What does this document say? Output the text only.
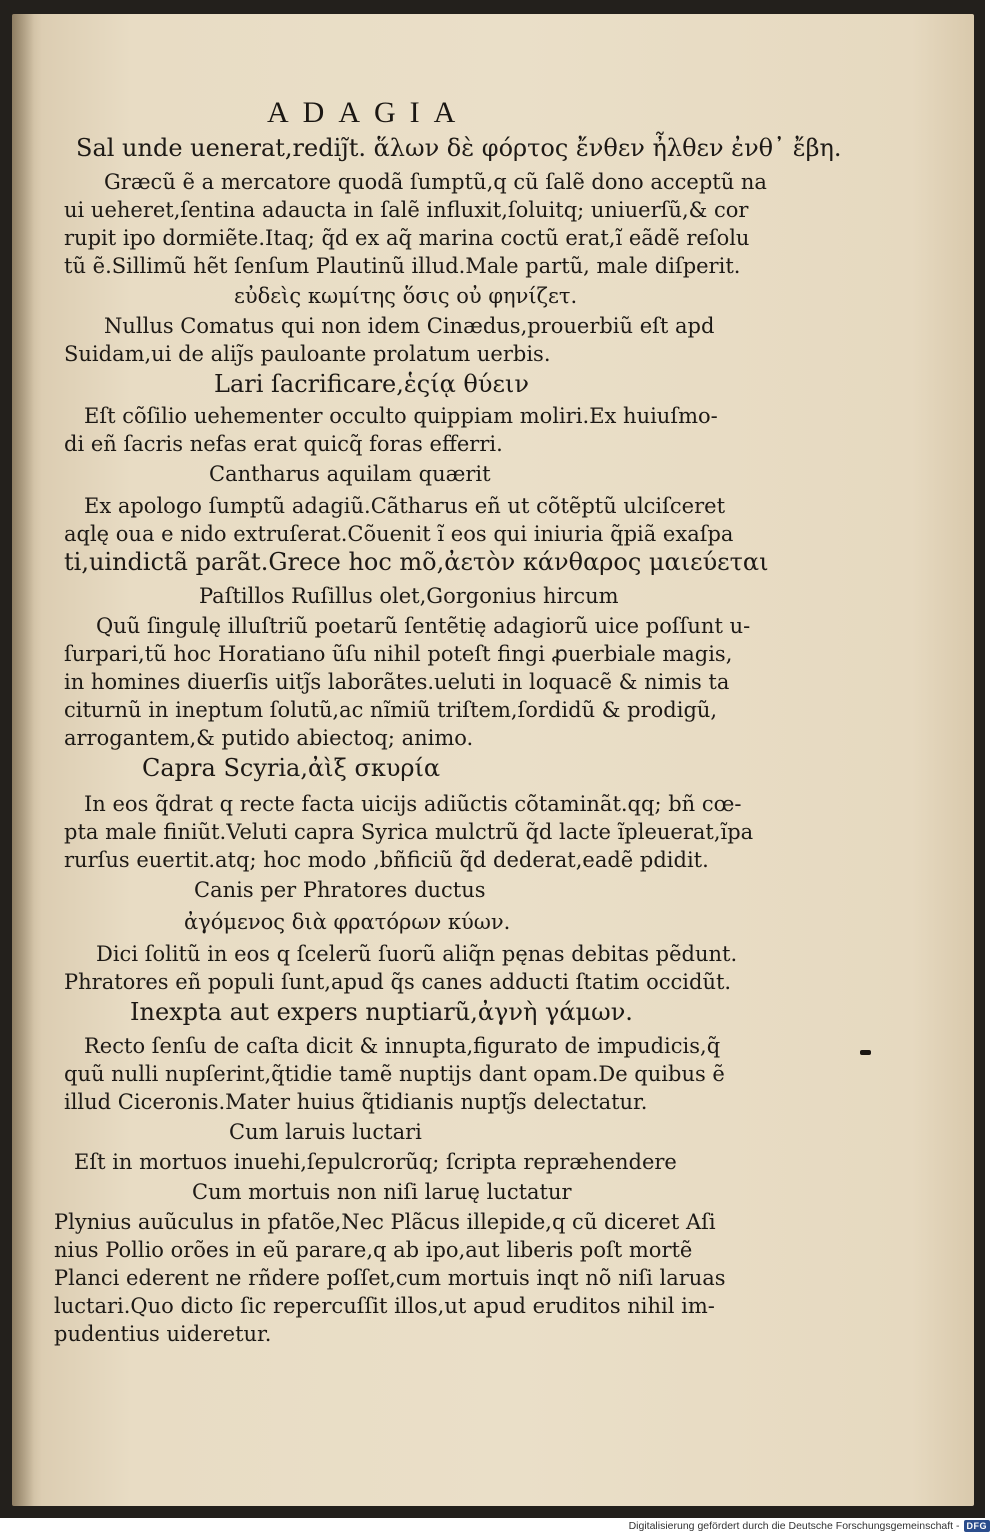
ADAGIA
Sal unde uenerat,rediȷ̃t. ἅλων δὲ φόρτος ἔνθεν ἦλθεν ἐνθ᾽ ἔβη.
Græcũ ẽ a mercatore quodã ſumptũ,q cũ ſalẽ dono acceptũ na
ui ueheret,ſentina adaucta in ſalẽ influxit,ſoluitq; uniuerſũ,& cor
rupit ipo dormiẽte.Itaq; q̃d ex aq̃ marina coctũ erat,ĩ eãdẽ reſolu
tũ ẽ.Sillimũ hẽt ſenſum Plautinũ illud.Male partũ, male diſperit.
εὐδεὶς κωμίτης ὅσις οὐ φηνίζετ.
Nullus Comatus qui non idem Cinædus,prouerbiũ eſt apd
Suidam,ui de aliȷ̃s pauloante prolatum uerbis.
Lari ſacrificare,ἑςίᾳ θύειν
Eſt cõſilio uehementer occulto quippiam moliri.Ex huiuſmo-
di eñ ſacris nefas erat quicq̃ foras efferri.
Cantharus aquilam quærit
Ex apologo ſumptũ adagiũ.Cãtharus eñ ut cõtẽptũ ulciſceret
aqlę oua e nido extruſerat.Cõuenit ĩ eos qui iniuria q̃piã exaſpa
ti,uindictã parãt.Grece hoc mõ,ἀετὸν κάνθαρος μαιεύεται
Paſtillos Ruſillus olet,Gorgonius hircum
Quũ ſingulę illuſtriũ poetarũ ſentẽtię adagiorũ uice poſſunt u-
ſurpari,tũ hoc Horatiano ũſu nihil poteſt fingi ꝓuerbiale magis,
in homines diuerſis uitȷ̃s laborãtes.ueluti in loquacẽ & nimis ta
citurnũ in ineptum ſolutũ,ac nĩmiũ triſtem,ſordidũ & prodigũ,
arrogantem,& putido abiectoq; animo.
Capra Scyria,ἀὶξ σκυρία
In eos q̃drat q recte facta uicijs adiũctis cõtaminãt.qq; bñ cœ-
pta male finiũt.Veluti capra Syrica mulctrũ q̃d lacte ĩpleuerat,ĩpa
rurſus euertit.atq; hoc modo ,bñficiũ q̃d dederat,eadẽ pdidit.
Canis per Phratores ductus
ἀγόμενος διὰ φρατόρων κύων.
Dici ſolitũ in eos q ſcelerũ ſuorũ aliq̃n pęnas debitas pẽdunt.
Phratores eñ populi ſunt,apud q̃s canes adducti ſtatim occidũt.
Inexpta aut expers nuptiarũ,ἀγνὴ γάμων.
Recto ſenſu de caſta dicit & innupta,figurato de impudicis,q̃
quũ nulli nupſerint,q̃tidie tamẽ nuptijs dant opam.De quibus ẽ
illud Ciceronis.Mater huius q̃tidianis nuptȷ̃s delectatur.
Cum laruis luctari
Eſt in mortuos inuehi,ſepulcrorũq; ſcripta repræhendere
Cum mortuis non niſi laruę luctatur
Plynius auũculus in pfatõe,Nec Plãcus illepide,q cũ diceret Aſi
nius Pollio orões in eũ parare,q ab ipo,aut liberis poſt mortẽ
Planci ederent ne rñdere poſſet,cum mortuis inqt nõ niſi laruas
luctari.Quo dicto ſic repercuſſit illos,ut apud eruditos nihil im-
pudentius uideretur.
Digitalisierung gefördert durch die Deutsche Forschungsgemeinschaft - DFG
